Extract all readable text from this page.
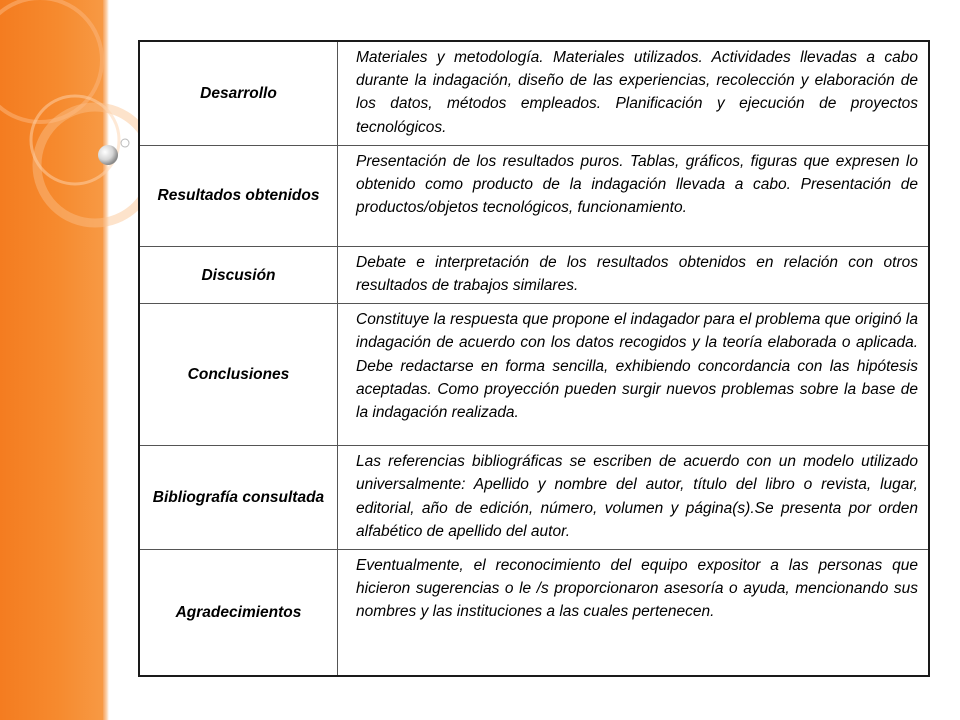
Desarrollo	Materiales y metodología. Materiales utilizados. Actividades llevadas a cabo durante la indagación, diseño de las experiencias, recolección y elaboración de los datos, métodos empleados. Planificación y ejecución de proyectos tecnológicos.

Resultados obtenidos	Presentación de los resultados puros. Tablas, gráficos, figuras que expresen lo obtenido como producto de la indagación llevada a cabo. Presentación de productos/objetos tecnológicos, funcionamiento.

Discusión	Debate e interpretación de los resultados obtenidos en relación con otros resultados de trabajos similares.

Conclusiones	Constituye la respuesta que propone el indagador para el problema que originó la indagación de acuerdo con los datos recogidos y la teoría elaborada o aplicada. Debe redactarse en forma sencilla, exhibiendo concordancia con las hipótesis aceptadas. Como proyección pueden surgir nuevos problemas sobre la base de la indagación realizada.

Bibliografía consultada	Las referencias bibliográficas se escriben de acuerdo con un modelo utilizado universalmente: Apellido y nombre del autor, título del libro o revista, lugar, editorial, año de edición, número, volumen y página(s).Se presenta por orden alfabético de apellido del autor.

Agradecimientos	Eventualmente, el reconocimiento del equipo expositor a las personas que hicieron sugerencias o le /s proporcionaron asesoría o ayuda, mencionando sus nombres y las instituciones a las cuales pertenecen.
